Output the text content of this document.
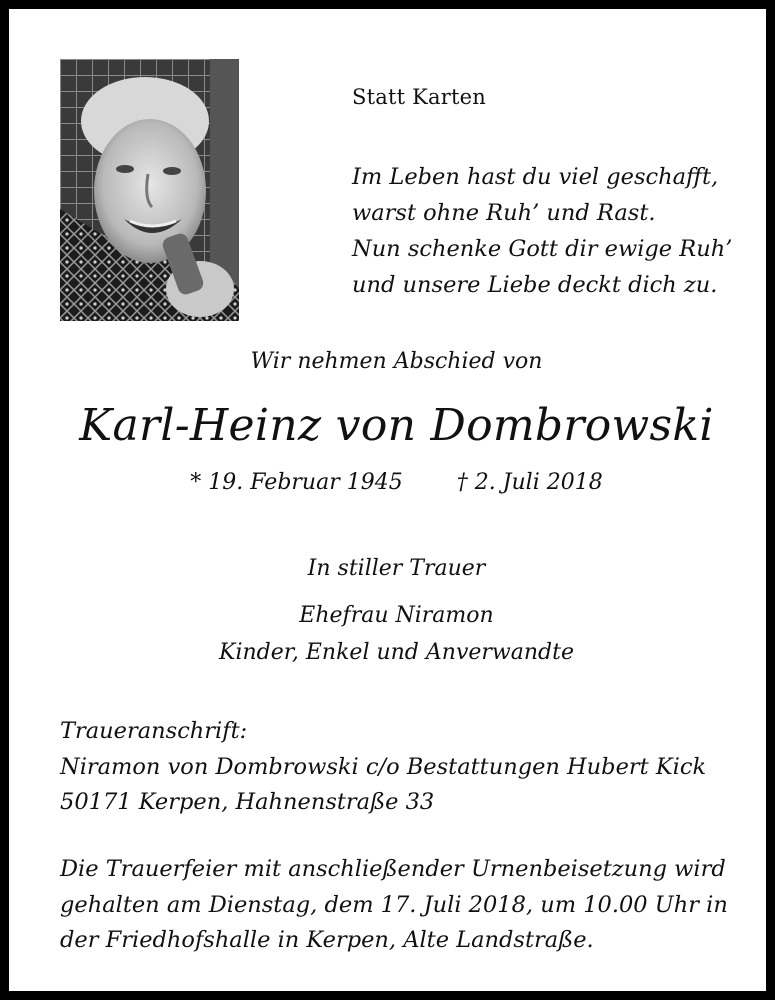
Statt Karten
Im Leben hast du viel geschafft,
warst ohne Ruh’ und Rast.
Nun schenke Gott dir ewige Ruh’
und unsere Liebe deckt dich zu.
Wir nehmen Abschied von
Karl-Heinz von Dombrowski
* 19. Februar 1945 † 2. Juli 2018
In stiller Trauer
Ehefrau Niramon
Kinder, Enkel und Anverwandte
Traueranschrift:
Niramon von Dombrowski c/o Bestattungen Hubert Kick
50171 Kerpen, Hahnenstraße 33
Die Trauerfeier mit anschließender Urnenbeisetzung wird
gehalten am Dienstag, dem 17. Juli 2018, um 10.00 Uhr in
der Friedhofshalle in Kerpen, Alte Landstraße.
